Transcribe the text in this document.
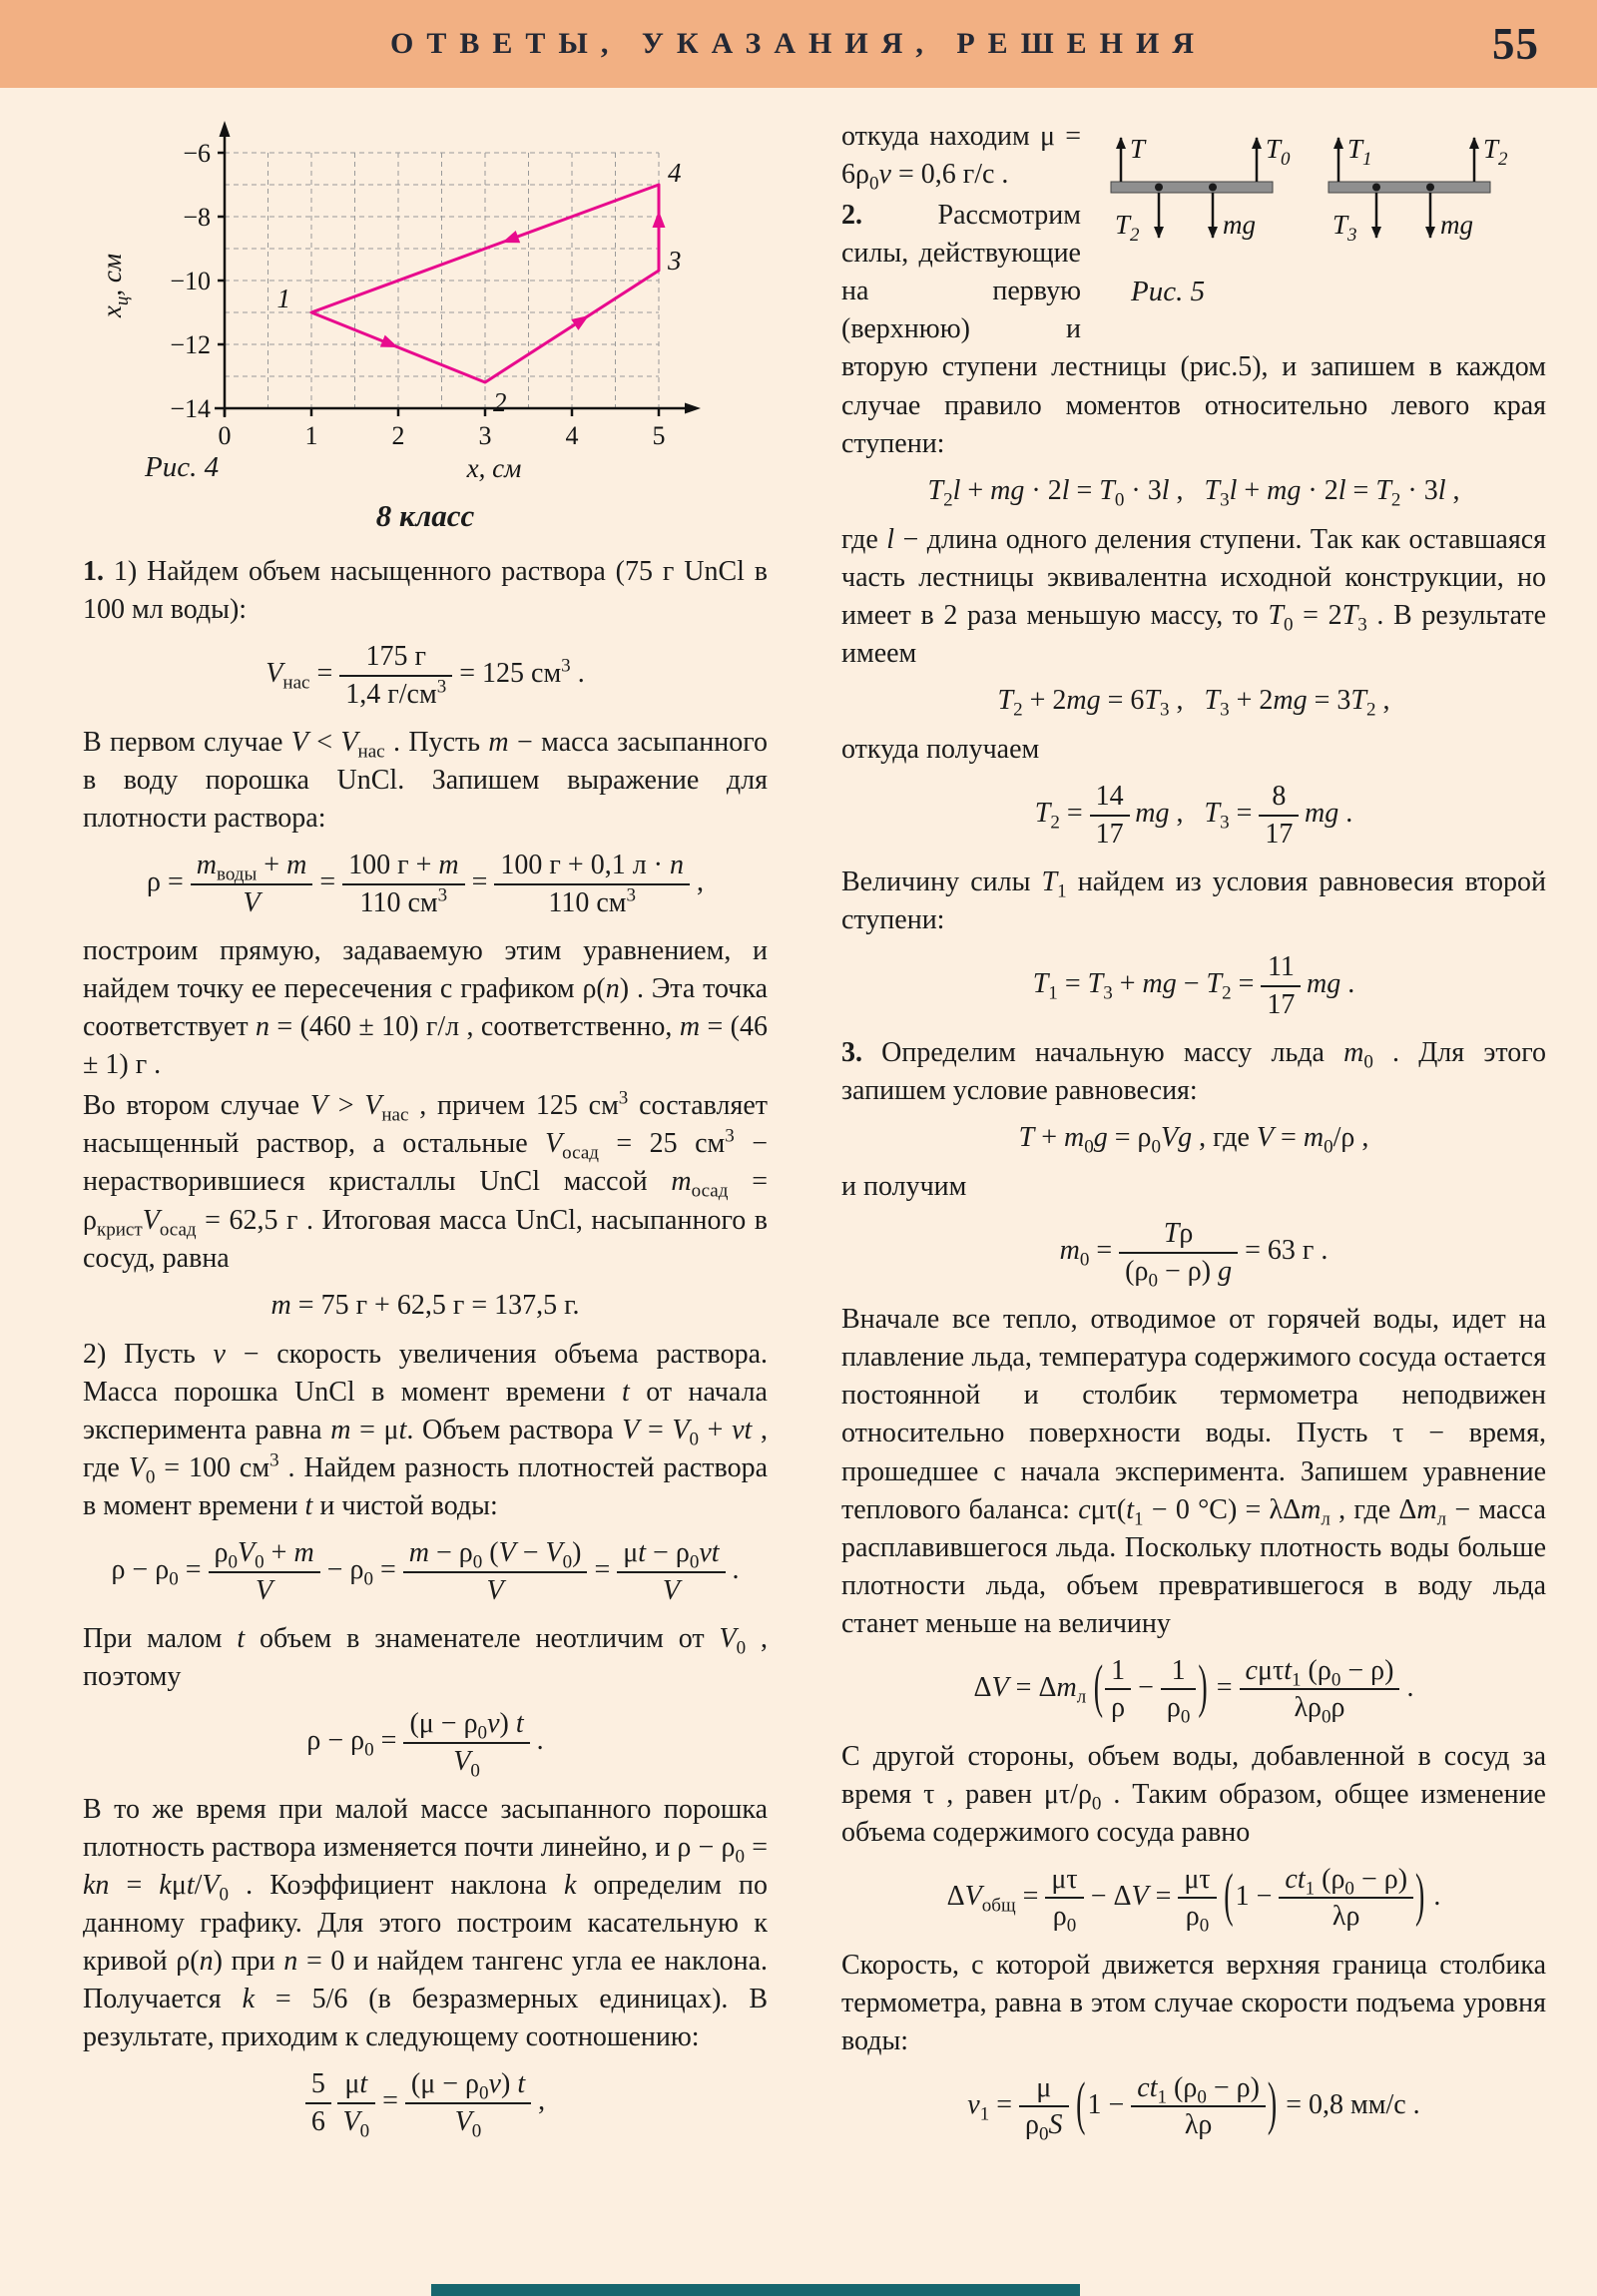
ОТВЕТЫ, УКАЗАНИЯ, РЕШЕНИЯ	55
−6
−8
−10
−12
−14
0	1	2	3	4	5
$x_ц$, см
x, см
1
2
3
4
Рис. 4
8 класс

1. 1) Найдем объем насыщенного раствора (75 г UnCl в 100 мл воды):

$V_{нас}$ =
175 г
1,4 $г/см^3 = 125$ $см^3$ .

В первом случае $V < V_{нас}$ . Пусть m − масса засыпанного в воду порошка UnCl. Запишем выражение для плотности раствора:

ρ =
$m_{воды} + m$
V
=
100 г + m
110 $см^3$ =
100 г + 0,1 л · n
110 $см^3$	,

построим прямую, задаваемую этим уравнением, и найдем точку ее пересечения с графиком ρ(n) . Эта точка соответствует n = (460 ± 10) г/л , соответственно, m = (46 ± 1) г .

Во втором случае $V > V_{нас}$ , причем 125 $см^3$ составляет насыщенный раствор, а остальные $V_{осад} = 25$ $см^3$ − нерастворившиеся кристаллы UnCl массой $m_{осад} = \rho_{крист}V_{осад} = 62,5$ г . Итоговая масса UnCl, насыпанного в сосуд, равна

m = 75 г + 62,5 г = 137,5 г.

2) Пусть v − скорость увеличения объема раствора. Масса порошка UnCl в момент времени t от начала эксперимента равна m = μt. Объем раствора $V = V_0$ + vt , где $V_0 = 100$ $см^3$ . Найдем разность плотностей раствора в момент времени t и чистой воды:

$\rho - \rho_0 = \frac{\rho_0V_0 + m}{V} - \rho_0 = \frac{m - \rho_0 (V - V_0)}{V} = \frac{\mu t - \rho_0vt}{V}$ .

При малом t объем в знаменателе неотличим от $V_0$ , поэтому

$\rho - \rho_0 = \frac{(\mu - \rho_0v) t}{V_0}$ .

В то же время при малой массе засыпанного порошка плотность раствора изменяется почти линейно, и $\rho - \rho_0$ = kn = kμt/$V_0$ . Коэффициент наклона k определим по данному графику. Для этого построим касательную к кривой ρ(n) при n = 0 и найдем тангенс угла ее наклона. Получается k = 5/6 (в безразмерных единицах). В результате, приходим к следующему соотношению:

$\frac{5}{6}$
  $\frac{\mu t}{V_0} = \frac{(\mu - \rho_0v) t}{V_0}$ ,
T	$T_0$
$T_2$	mg
$T_1$	$T_2$
$T_3$	mg
Рис. 5

откуда находим $\mu = 6\rho_0v = 0,6$ г/с .

2. Рассмотрим силы, действующие на первую (верхнюю) и вторую ступени лестницы (рис.5), и запишем в каждом случае правило моментов относительно левого края ступени:

$T_2l$ + mg · $2l = T_0 \cdot 3l$ ,   $T_3l$ + mg · $2l = T_2 \cdot 3l$ ,

где l − длина одного деления ступени. Так как оставшаяся часть лестницы эквивалентна исходной конструкции, но имеет в 2 раза меньшую массу, то $T_0 = 2T_3$ . В результате имеем

$T_2 + 2mg = 6T_3$ ,   $T_3 + 2mg = 3T_2$ ,

откуда получаем

$T_2 = \frac{14}{17}$
  mg ,   $T_3 = \frac{8}{17}$
  mg .

Величину силы $T_1$ найдем из условия равновесия второй ступени:

$T_1 = T_3$ + mg − $T_2 = \frac{11}{17}$
  mg .

3. Определим начальную массу льда $m_0$ . Для этого запишем условие равновесия:

$T + m_0g = \rho_0Vg$ , где $V = m_0/\rho$ ,

и получим

$m_0 = \frac{T\rho}{(\rho_0 - \rho) g} = 63$ г .

Вначале все тепло, отводимое от горячей воды, идет на плавление льда, температура содержимого сосуда остается постоянной и столбик термометра неподвижен относительно поверхности воды. Пусть τ − время, прошедшее с начала эксперимента. Запишем уравнение теплового баланса: $c\mu\tau(t_1 - 0$ °C) = λΔm$_л$ , где $\Delta m_л$ − масса расплавившегося льда. Поскольку плотность воды больше плотности льда, объем превратившегося в воду льда станет меньше на величину

$\Delta V = \Delta m_л$  ( $\frac{1}{\rho} - \frac{1}{\rho_0}$ ) =
cμτt$_1$ $(\rho_0 - \rho)$
$\lambda\rho_0\rho$
.

С другой стороны, объем воды, добавленной в сосуд за время τ , равен $\mu\tau/\rho_0$ . Таким образом, общее изменение объема содержимого сосуда равно

$\Delta V_{общ} = \frac{\mu\tau}{\rho_0} - \Delta V = \frac{\mu\tau}{\rho_0}$
  ($1 - \frac{ct_1 (\rho_0 - \rho)}{\lambda\rho}$ ) .

Скорость, с которой движется верхняя граница столбика термометра, равна в этом случае скорости подъема уровня воды:

$v_1 = \frac{\mu}{\rho_0S}$
  ($1 - \frac{ct_1 (\rho_0 - \rho)}{\lambda\rho}$ ) = 0,8 мм/с .
